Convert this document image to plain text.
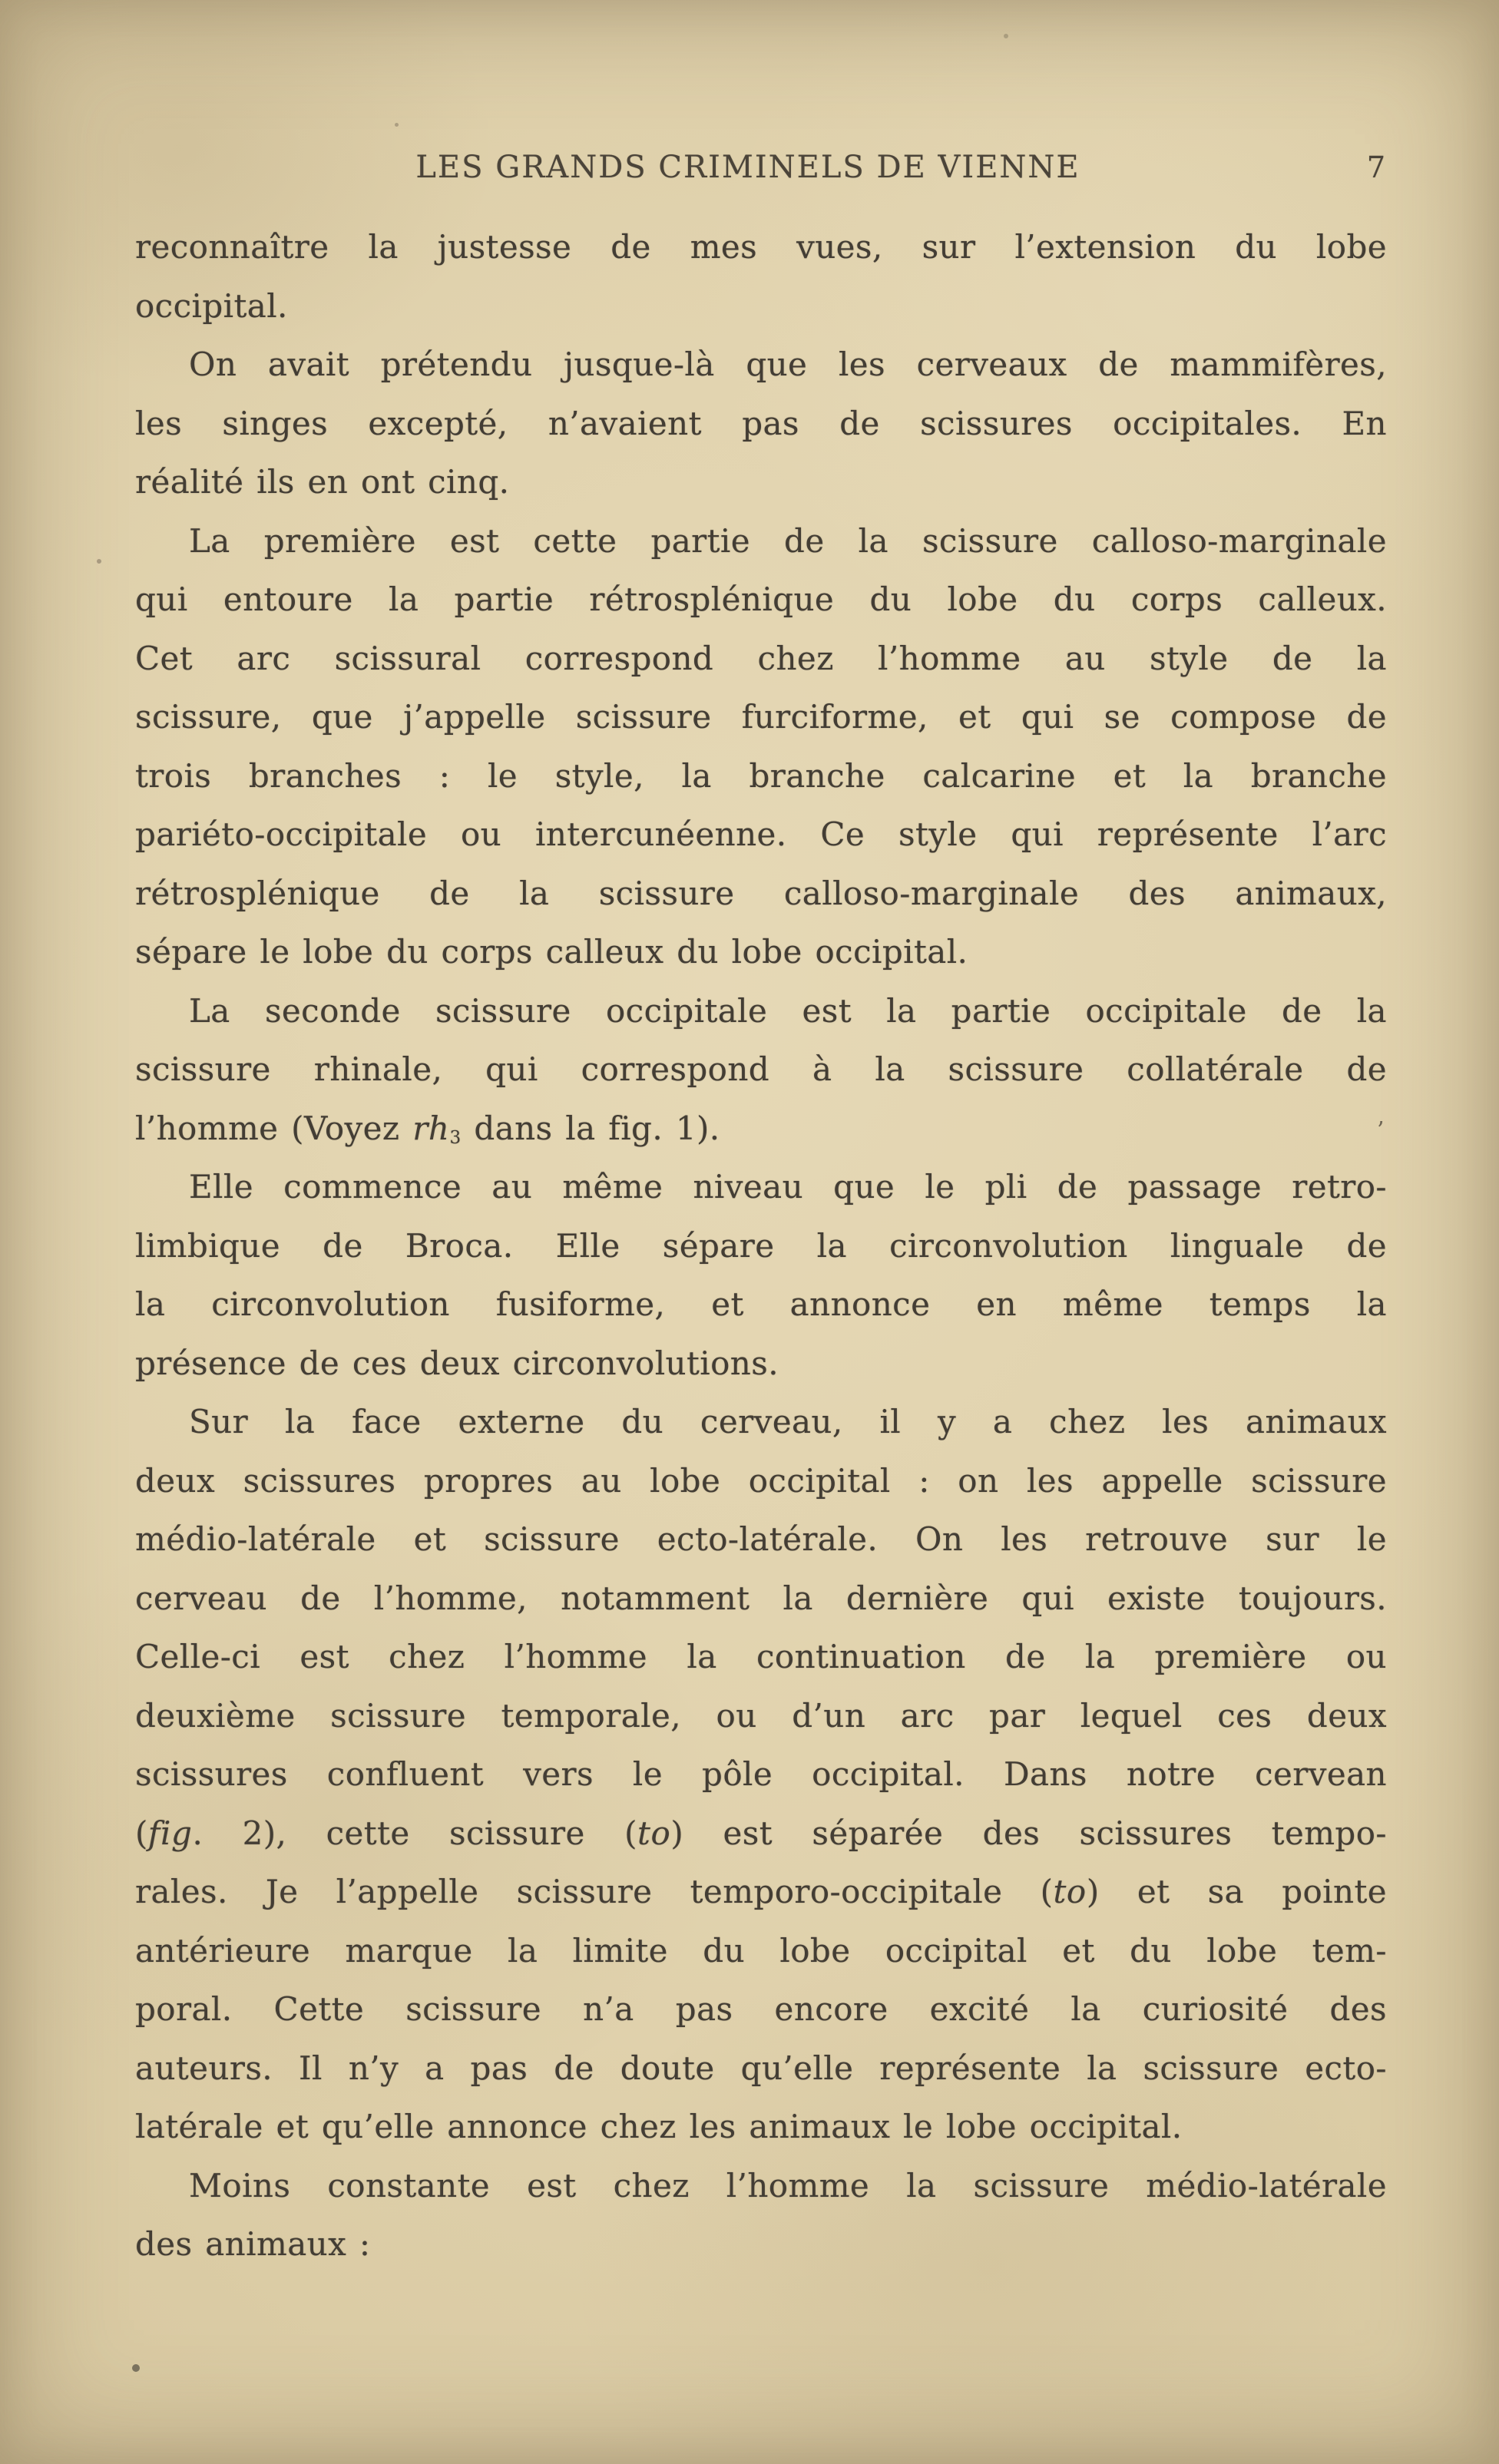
LES GRANDS CRIMINELS DE VIENNE	7
reconnaître la justesse de mes vues, sur l’extension du lobe
occipital.
On avait prétendu jusque-là que les cerveaux de mammifères,
les singes excepté, n’avaient pas de scissures occipitales. En
réalité ils en ont cinq.
La première est cette partie de la scissure calloso-marginale
qui entoure la partie rétrosplénique du lobe du corps calleux.
Cet arc scissural correspond chez l’homme au style de la
scissure, que j’appelle scissure furciforme, et qui se compose de
trois branches : le style, la branche calcarine et la branche
pariéto-occipitale ou intercunéenne. Ce style qui représente l’arc
rétrosplénique de la scissure calloso-marginale des animaux,
sépare le lobe du corps calleux du lobe occipital.
La seconde scissure occipitale est la partie occipitale de la
scissure rhinale, qui correspond à la scissure collatérale de
l’homme (Voyez $rh_3$ dans la fig. 1).
Elle commence au même niveau que le pli de passage retro-
limbique de Broca. Elle sépare la circonvolution linguale de
la circonvolution fusiforme, et annonce en même temps la
présence de ces deux circonvolutions.
Sur la face externe du cerveau, il y a chez les animaux
deux scissures propres au lobe occipital : on les appelle scissure
médio-latérale et scissure ecto-latérale. On les retrouve sur le
cerveau de l’homme, notamment la dernière qui existe toujours.
Celle-ci est chez l’homme la continuation de la première ou
deuxième scissure temporale, ou d’un arc par lequel ces deux
scissures confluent vers le pôle occipital. Dans notre cervean
(fig. 2), cette scissure (to) est séparée des scissures tempo-
rales. Je l’appelle scissure temporo-occipitale (to) et sa pointe
antérieure marque la limite du lobe occipital et du lobe tem-
poral. Cette scissure n’a pas encore excité la curiosité des
auteurs. Il n’y a pas de doute qu’elle représente la scissure ecto-
latérale et qu’elle annonce chez les animaux le lobe occipital.
Moins constante est chez l’homme la scissure médio-latérale
des animaux :
’
